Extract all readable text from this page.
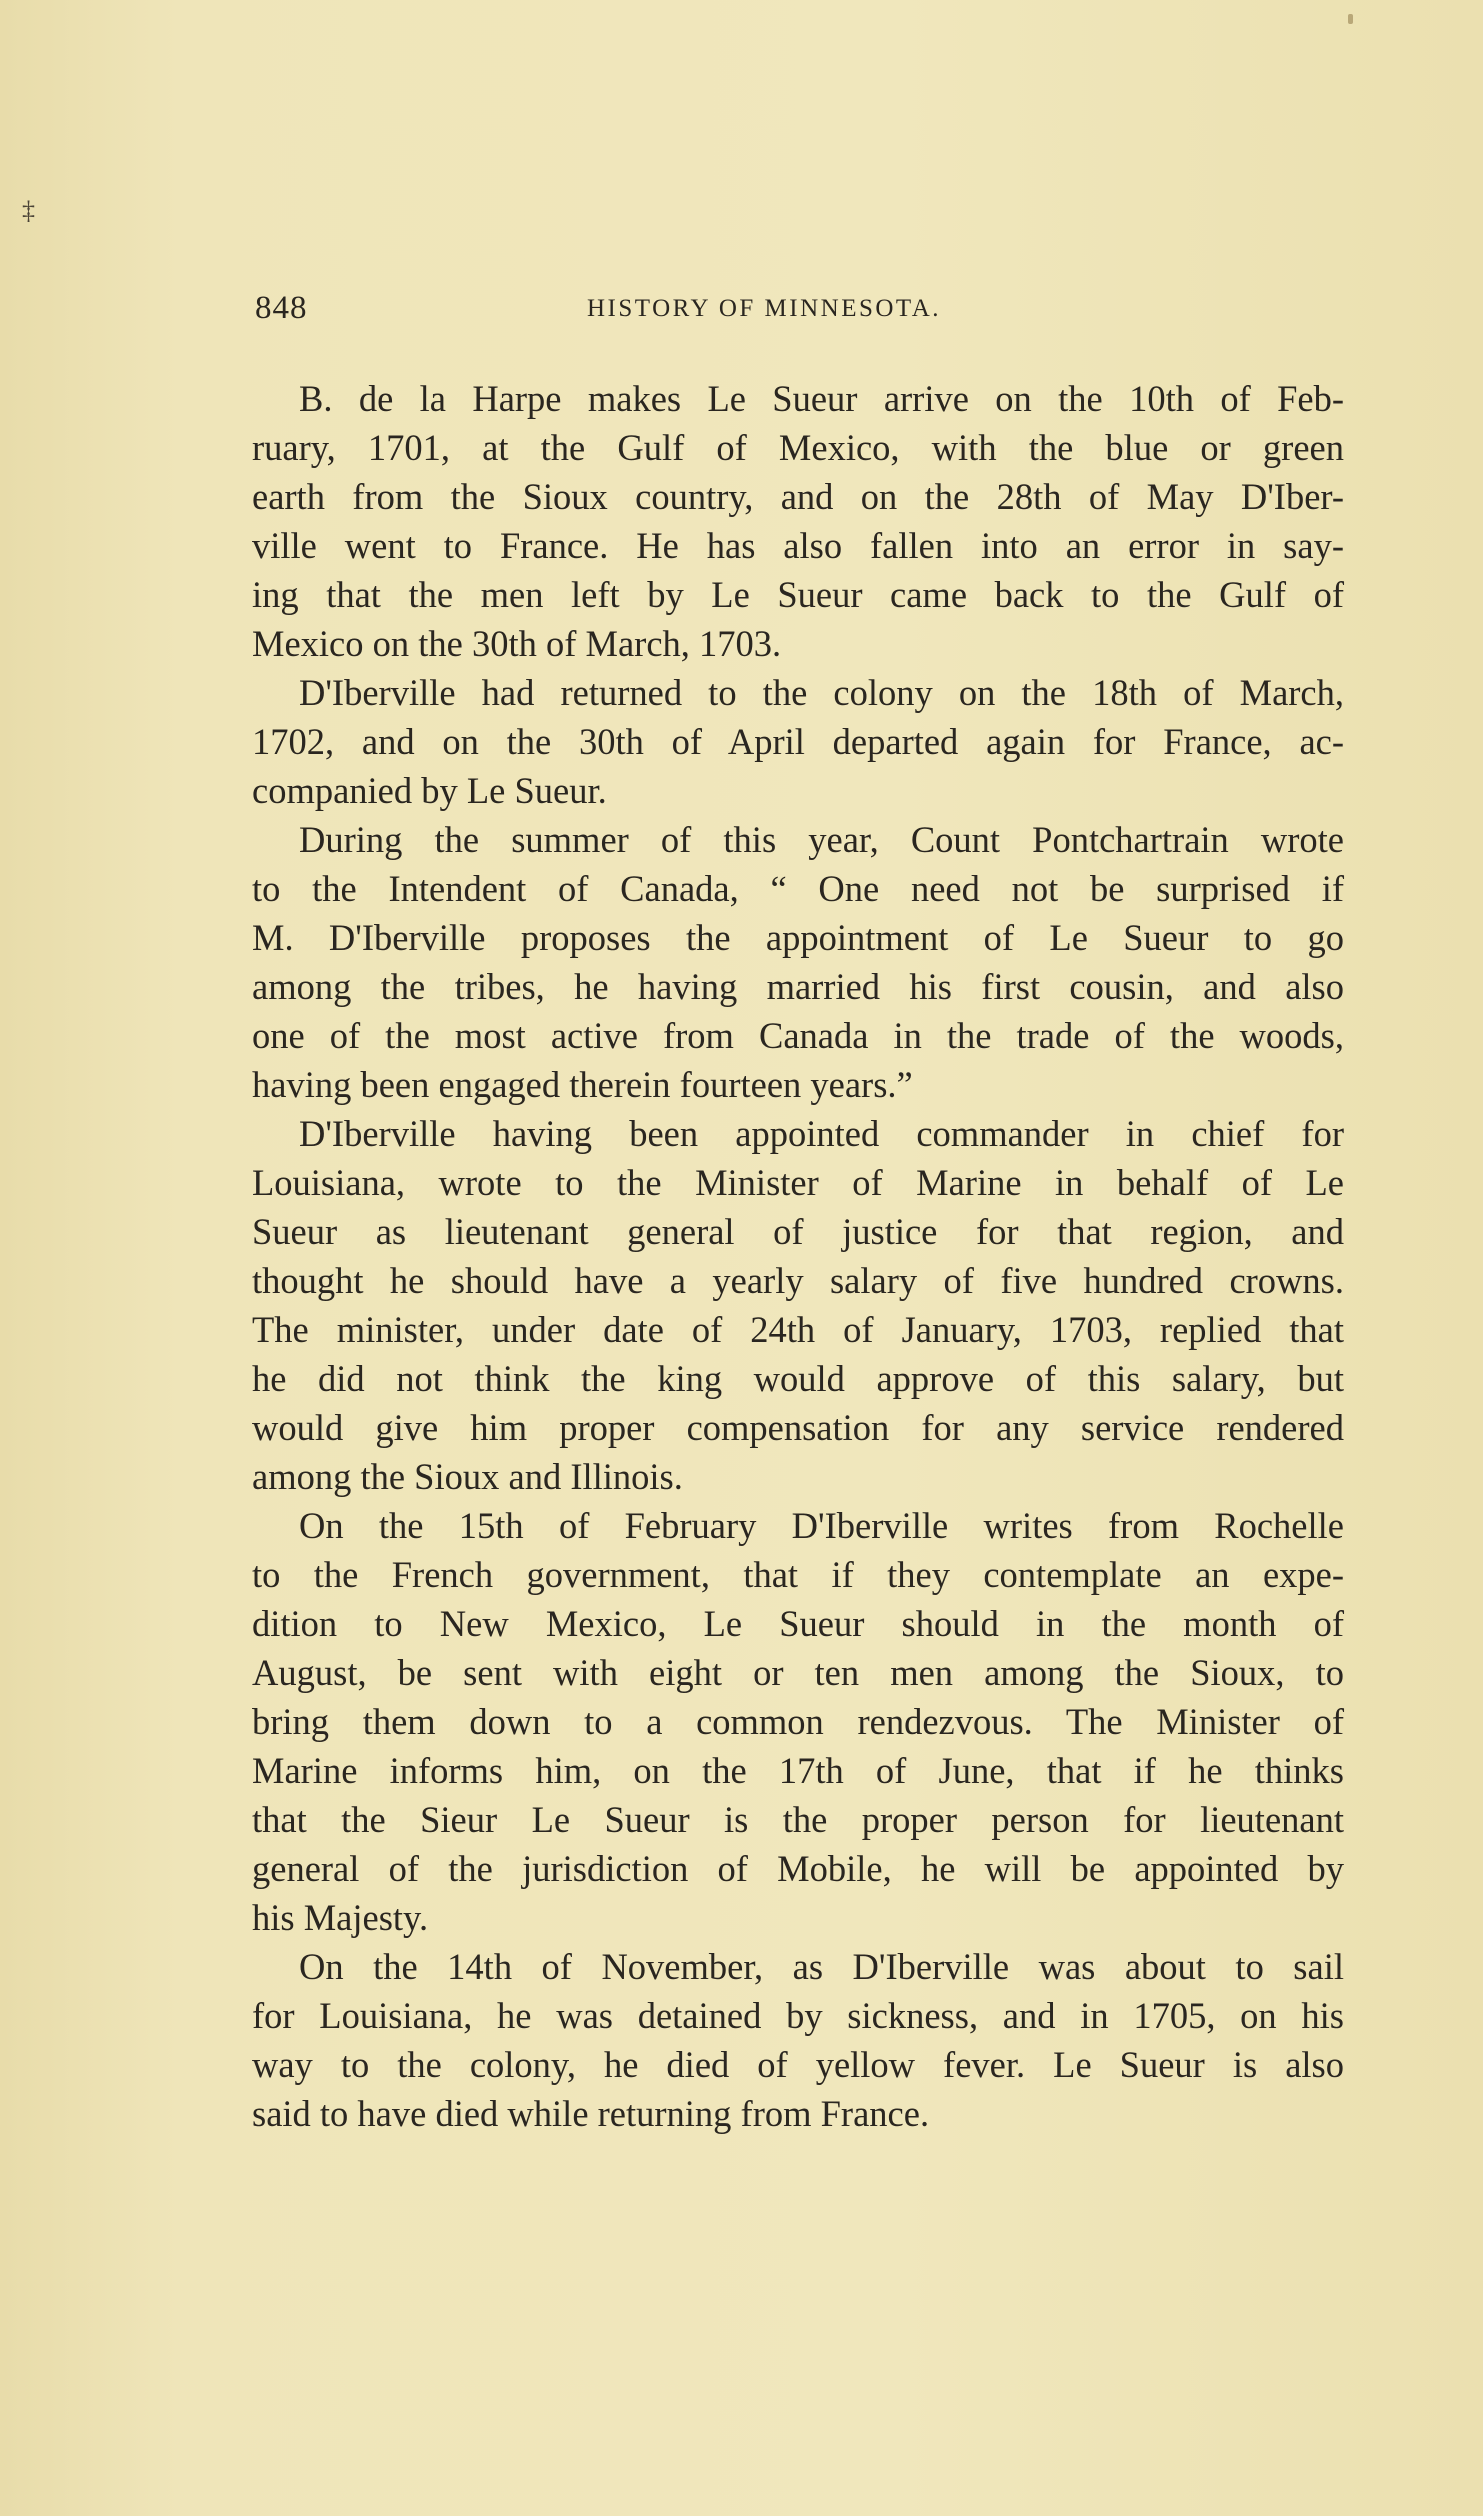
‡
848	HISTORY OF MINNESOTA.
B. de la Harpe makes Le Sueur arrive on the 10th of Feb-
ruary, 1701, at the Gulf of Mexico, with the blue or green
earth from the Sioux country, and on the 28th of May D'Iber-
ville went to France. He has also fallen into an error in say-
ing that the men left by Le Sueur came back to the Gulf of
Mexico on the 30th of March, 1703.
D'Iberville had returned to the colony on the 18th of March,
1702, and on the 30th of April departed again for France, ac-
companied by Le Sueur.
During the summer of this year, Count Pontchartrain wrote
to the Intendent of Canada, “ One need not be surprised if
M. D'Iberville proposes the appointment of Le Sueur to go
among the tribes, he having married his first cousin, and also
one of the most active from Canada in the trade of the woods,
having been engaged therein fourteen years.”
D'Iberville having been appointed commander in chief for
Louisiana, wrote to the Minister of Marine in behalf of Le
Sueur as lieutenant general of justice for that region, and
thought he should have a yearly salary of five hundred crowns.
The minister, under date of 24th of January, 1703, replied that
he did not think the king would approve of this salary, but
would give him proper compensation for any service rendered
among the Sioux and Illinois.
On the 15th of February D'Iberville writes from Rochelle
to the French government, that if they contemplate an expe-
dition to New Mexico, Le Sueur should in the month of
August, be sent with eight or ten men among the Sioux, to
bring them down to a common rendezvous. The Minister of
Marine informs him, on the 17th of June, that if he thinks
that the Sieur Le Sueur is the proper person for lieutenant
general of the jurisdiction of Mobile, he will be appointed by
his Majesty.
On the 14th of November, as D'Iberville was about to sail
for Louisiana, he was detained by sickness, and in 1705, on his
way to the colony, he died of yellow fever. Le Sueur is also
said to have died while returning from France.
